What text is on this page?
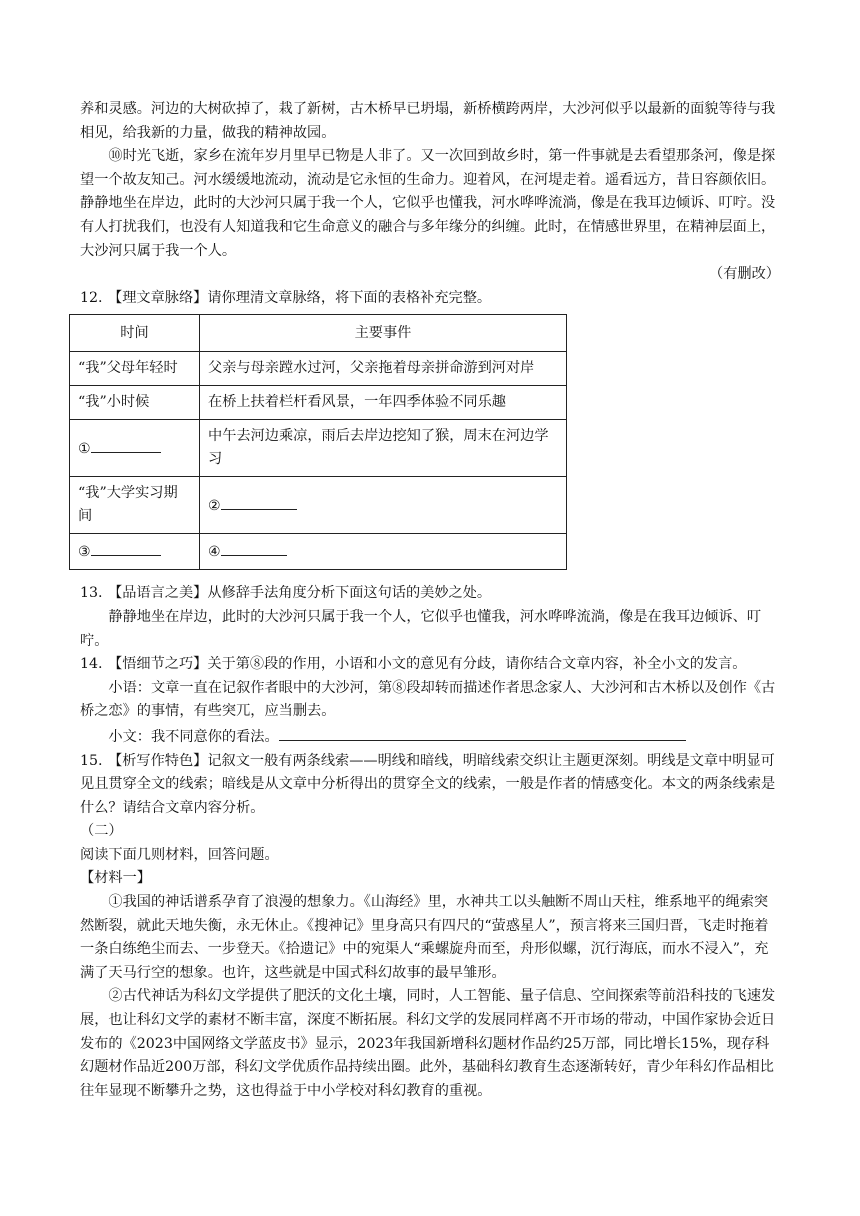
养和灵感。河边的大树砍掉了，栽了新树，古木桥早已坍塌，新桥横跨两岸，大沙河似乎以最新的面貌等待与我相见，给我新的力量，做我的精神故园。

⑩时光飞逝，家乡在流年岁月里早已物是人非了。又一次回到故乡时，第一件事就是去看望那条河，像是探望一个故友知己。河水缓缓地流动，流动是它永恒的生命力。迎着风，在河堤走着。遥看远方，昔日容颜依旧。静静地坐在岸边，此时的大沙河只属于我一个人，它似乎也懂我，河水哗哗流淌，像是在我耳边倾诉、叮咛。没有人打扰我们，也没有人知道我和它生命意义的融合与多年缘分的纠缠。此时，在情感世界里，在精神层面上，大沙河只属于我一个人。

（有删改）

12. 【理文章脉络】请你理清文章脉络，将下面的表格补充完整。

时间	主要事件
“我”父母年轻时	父亲与母亲蹚水过河，父亲拖着母亲拼命游到河对岸
“我”小时候	在桥上扶着栏杆看风景，一年四季体验不同乐趣
①	中午去河边乘凉，雨后去岸边挖知了猴，周末在河边学习
“我”大学实习期间	②
③	④

13. 【品语言之美】从修辞手法角度分析下面这句话的美妙之处。

静静地坐在岸边，此时的大沙河只属于我一个人，它似乎也懂我，河水哗哗流淌，像是在我耳边倾诉、叮咛。

14. 【悟细节之巧】关于第⑧段的作用，小语和小文的意见有分歧，请你结合文章内容，补全小文的发言。

小语：文章一直在记叙作者眼中的大沙河，第⑧段却转而描述作者思念家人、大沙河和古木桥以及创作《古桥之恋》的事情，有些突兀，应当删去。

小文：我不同意你的看法。

15. 【析写作特色】记叙文一般有两条线索——明线和暗线，明暗线索交织让主题更深刻。明线是文章中明显可见且贯穿全文的线索；暗线是从文章中分析得出的贯穿全文的线索，一般是作者的情感变化。本文的两条线索是什么？请结合文章内容分析。

（二）

阅读下面几则材料，回答问题。

【材料一】

①我国的神话谱系孕育了浪漫的想象力。《山海经》里，水神共工以头触断不周山天柱，维系地平的绳索突然断裂，就此天地失衡，永无休止。《搜神记》里身高只有四尺的“萤惑星人”，预言将来三国归晋，飞走时拖着一条白练绝尘而去、一步登天。《拾遗记》中的宛渠人“乘螺旋舟而至，舟形似螺，沉行海底，而水不浸入”，充满了天马行空的想象。也许，这些就是中国式科幻故事的最早雏形。

②古代神话为科幻文学提供了肥沃的文化土壤，同时，人工智能、量子信息、空间探索等前沿科技的飞速发展，也让科幻文学的素材不断丰富，深度不断拓展。科幻文学的发展同样离不开市场的带动，中国作家协会近日发布的《2023中国网络文学蓝皮书》显示，2023年我国新增科幻题材作品约25万部，同比增长15%，现存科幻题材作品近200万部，科幻文学优质作品持续出圈。此外，基础科幻教育生态逐渐转好，青少年科幻作品相比往年显现不断攀升之势，这也得益于中小学校对科幻教育的重视。
